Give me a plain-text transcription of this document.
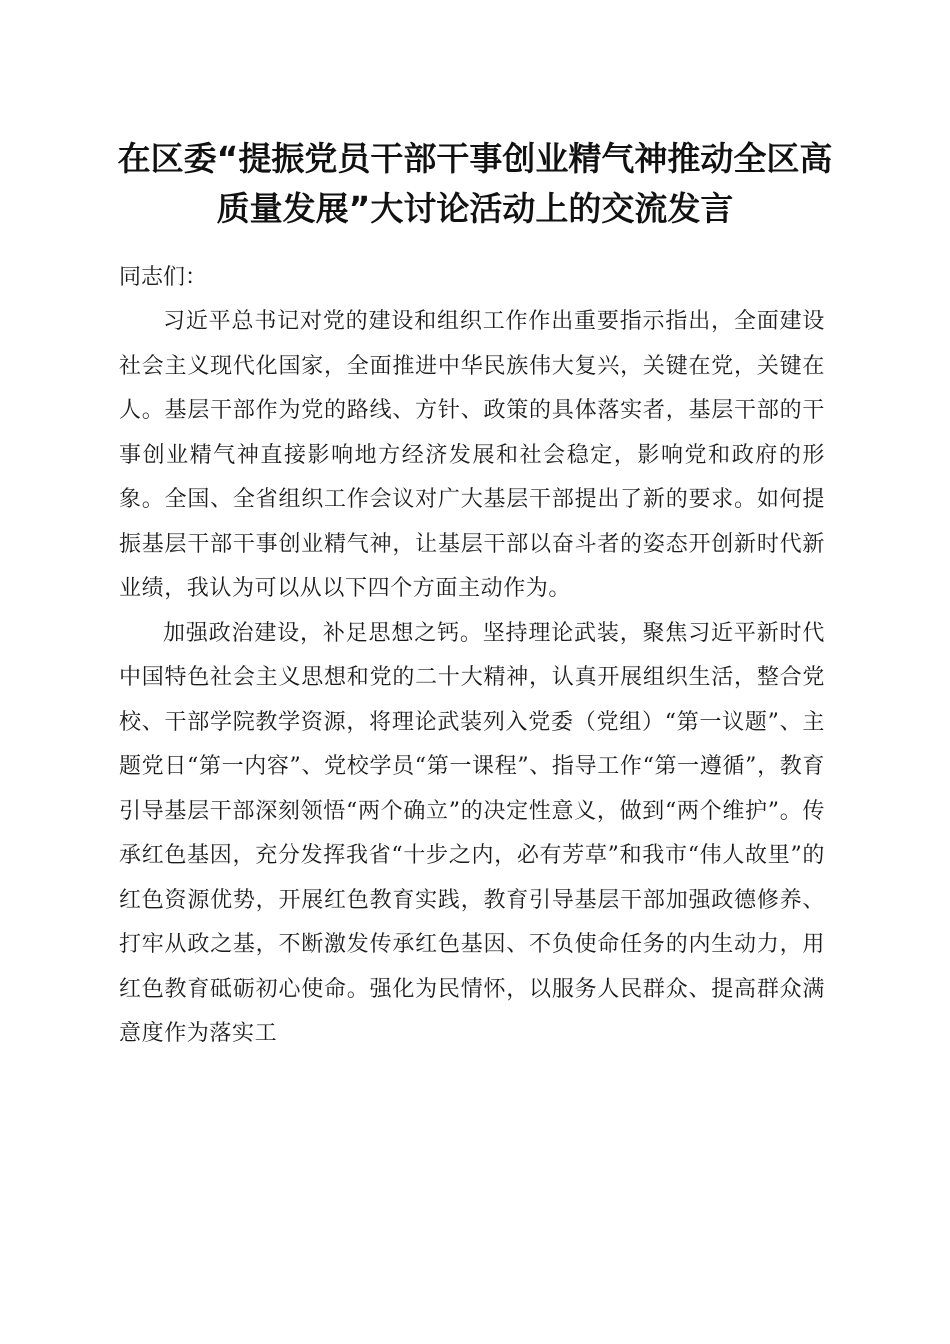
在区委“提振党员干部干事创业精气神推动全区高质量发展”大讨论活动上的交流发言

同志们：

习近平总书记对党的建设和组织工作作出重要指示指出，全面建设社会主义现代化国家，全面推进中华民族伟大复兴，关键在党，关键在人。基层干部作为党的路线、方针、政策的具体落实者，基层干部的干事创业精气神直接影响地方经济发展和社会稳定，影响党和政府的形象。全国、全省组织工作会议对广大基层干部提出了新的要求。如何提振基层干部干事创业精气神，让基层干部以奋斗者的姿态开创新时代新业绩，我认为可以从以下四个方面主动作为。

加强政治建设，补足思想之钙。坚持理论武装，聚焦习近平新时代中国特色社会主义思想和党的二十大精神，认真开展组织生活，整合党校、干部学院教学资源，将理论武装列入党委（党组）“第一议题”、主题党日“第一内容”、党校学员“第一课程”、指导工作“第一遵循”，教育引导基层干部深刻领悟“两个确立”的决定性意义，做到“两个维护”。传承红色基因，充分发挥我省“十步之内，必有芳草”和我市“伟人故里”的红色资源优势，开展红色教育实践，教育引导基层干部加强政德修养、打牢从政之基，不断激发传承红色基因、不负使命任务的内生动力，用红色教育砥砺初心使命。强化为民情怀，以服务人民群众、提高群众满意度作为落实工
